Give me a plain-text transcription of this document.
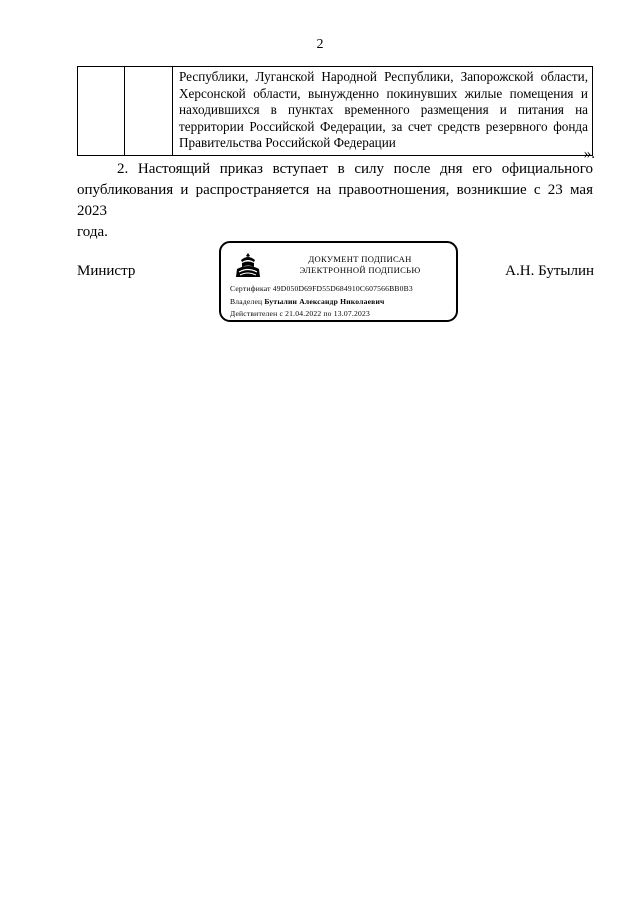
2

Республики, Луганской Народной Республики, Запорожской области,
Херсонской области, вынужденно покинувших жилые помещения и
находившихся в пунктах временного размещения и питания на
территории Российской Федерации, за счет средств резервного фонда
Правительства Российской Федерации
».
2. Настоящий приказ вступает в силу после дня его официального
опубликования и распространяется на правоотношения, возникшие с 23 мая 2023
года.
Министр	А.Н. Бутылин
ДОКУМЕНТ ПОДПИСАН
ЭЛЕКТРОННОЙ ПОДПИСЬЮ
Сертификат 49D050D69FD55D684910C607566BB0B3
Владелец Бутылин Александр Николаевич
Действителен с 21.04.2022 по 13.07.2023
